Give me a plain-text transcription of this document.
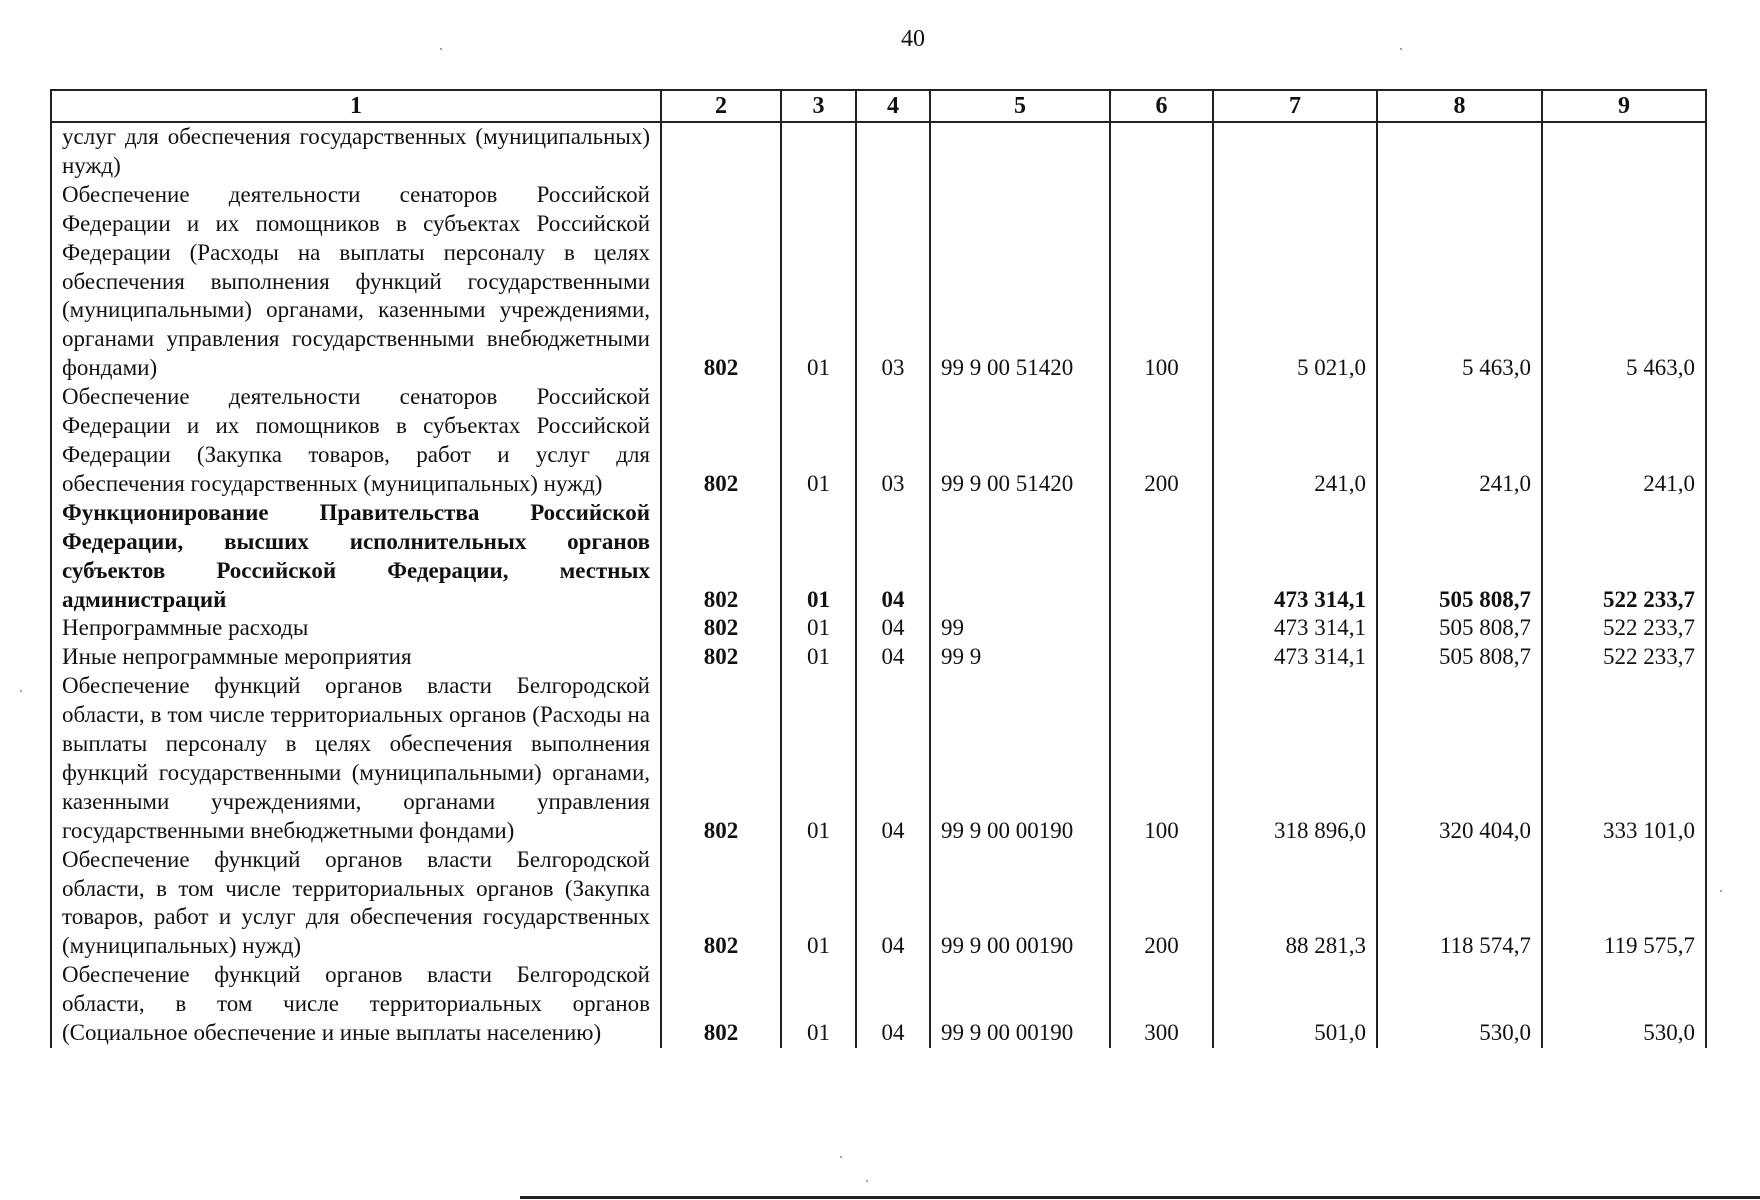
40
1	2	3	4	5	6	7	8	9
услуг для обеспечения государственных (муниципальных) нужд)								
Обеспечение деятельности сенаторов Российской Федерации и их помощников в субъектах Российской Федерации (Расходы на выплаты персоналу в целях обеспечения выполнения функций государственными (муниципальными) органами, казенными учреждениями, органами управления государственными внебюджетными фондами)	802	01	03	99 9 00 51420	100	5 021,0	5 463,0	5 463,0
Обеспечение деятельности сенаторов Российской Федерации и их помощников в субъектах Российской Федерации (Закупка товаров, работ и услуг для обеспечения государственных (муниципальных) нужд)	802	01	03	99 9 00 51420	200	241,0	241,0	241,0
Функционирование Правительства Российской Федерации, высших исполнительных органов субъектов Российской Федерации, местных администраций	802	01	04			473 314,1	505 808,7	522 233,7
Непрограммные расходы	802	01	04	99		473 314,1	505 808,7	522 233,7
Иные непрограммные мероприятия	802	01	04	99 9		473 314,1	505 808,7	522 233,7
Обеспечение функций органов власти Белгородской области, в том числе территориальных органов (Расходы на выплаты персоналу в целях обеспечения выполнения функций государственными (муниципальными) органами, казенными учреждениями, органами управления государственными внебюджетными фондами)	802	01	04	99 9 00 00190	100	318 896,0	320 404,0	333 101,0
Обеспечение функций органов власти Белгородской области, в том числе территориальных органов (Закупка товаров, работ и услуг для обеспечения государственных (муниципальных) нужд)	802	01	04	99 9 00 00190	200	88 281,3	118 574,7	119 575,7
Обеспечение функций органов власти Белгородской области, в том числе территориальных органов (Социальное обеспечение и иные выплаты населению)	802	01	04	99 9 00 00190	300	501,0	530,0	530,0
